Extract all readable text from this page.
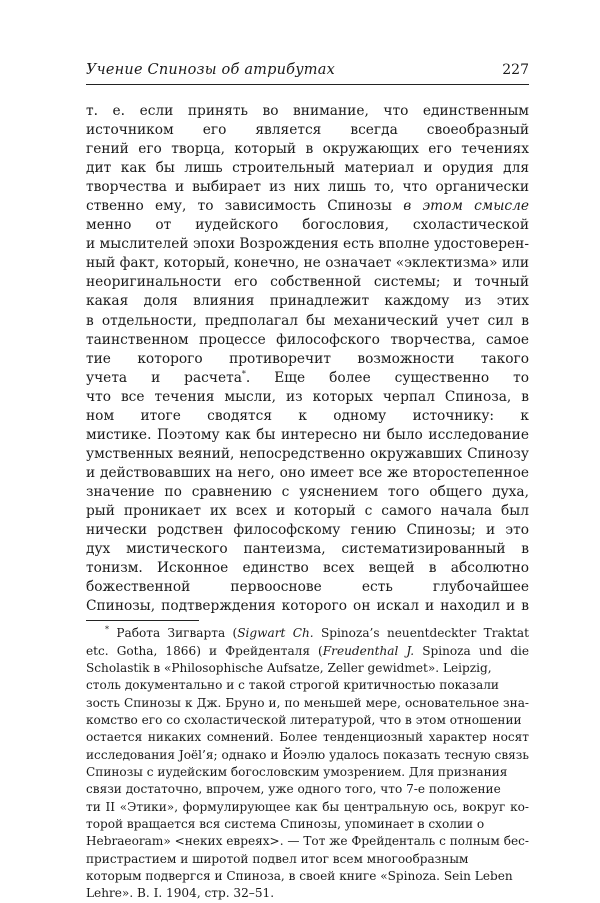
Учение Спинозы об атрибутах	227
т. е. если принять во внимание, что единственным
источником его является всегда своеобразный
гений его творца, который в окружающих его течениях
дит как бы лишь строительный материал и орудия для
творчества и выбирает из них лишь то, что органически
ственно ему, то зависимость Спинозы в этом смысле
менно от иудейского богословия, схоластической
и мыслителей эпохи Возрождения есть вполне удостоверен-
ный факт, который, конечно, не означает «эклектизма» или
неоригинальности его собственной системы; и точный
какая доля влияния принадлежит каждому из этих
в отдельности, предполагал бы механический учет сил в
таинственном процессе философского творчества, самое
тие которого противоречит возможности такого
учета и расчета*. Еще более существенно то
что все течения мысли, из которых черпал Спиноза, в
ном итоге сводятся к одному источнику: к
мистике. Поэтому как бы интересно ни было исследование
умственных веяний, непосредственно окружавших Спинозу
и действовавших на него, оно имеет все же второстепенное
значение по сравнению с уяснением того общего духа,
рый проникает их всех и который с самого начала был
нически родствен философскому гению Спинозы; и это
дух мистического пантеизма, систематизированный в
тонизм. Исконное единство всех вещей в абсолютно
божественной первооснове есть глубочайшее
Спинозы, подтверждения которого он искал и находил и в
* Работа Зигварта (Sigwart Ch. Spinoza’s neuentdeckter Traktat
etc. Gotha, 1866) и Фрейденталя (Freudenthal J. Spinoza und die
Scholastik в «Philosophische Aufsatze, Zeller gewidmet». Leipzig,
столь документально и с такой строгой критичностью показали
зость Спинозы к Дж. Бруно и, по меньшей мере, основательное зна-
комство его со схоластической литературой, что в этом отношении
остается никаких сомнений. Более тенденциозный характер носят
исследования Joël’я; однако и Йоэлю удалось показать тесную связь
Спинозы с иудейским богословским умозрением. Для признания
связи достаточно, впрочем, уже одного того, что 7-е положение
ти II «Этики», формулирующее как бы центральную ось, вокруг ко-
торой вращается вся система Спинозы, упоминает в схолии о
Hebraeoram» <неких евреях>. — Тот же Фрейденталь с полным бес-
пристрастием и широтой подвел итог всем многообразным
которым подвергся и Спиноза, в своей книге «Spinoza. Sein Leben
Lehre». B. I. 1904, стр. 32–51.
